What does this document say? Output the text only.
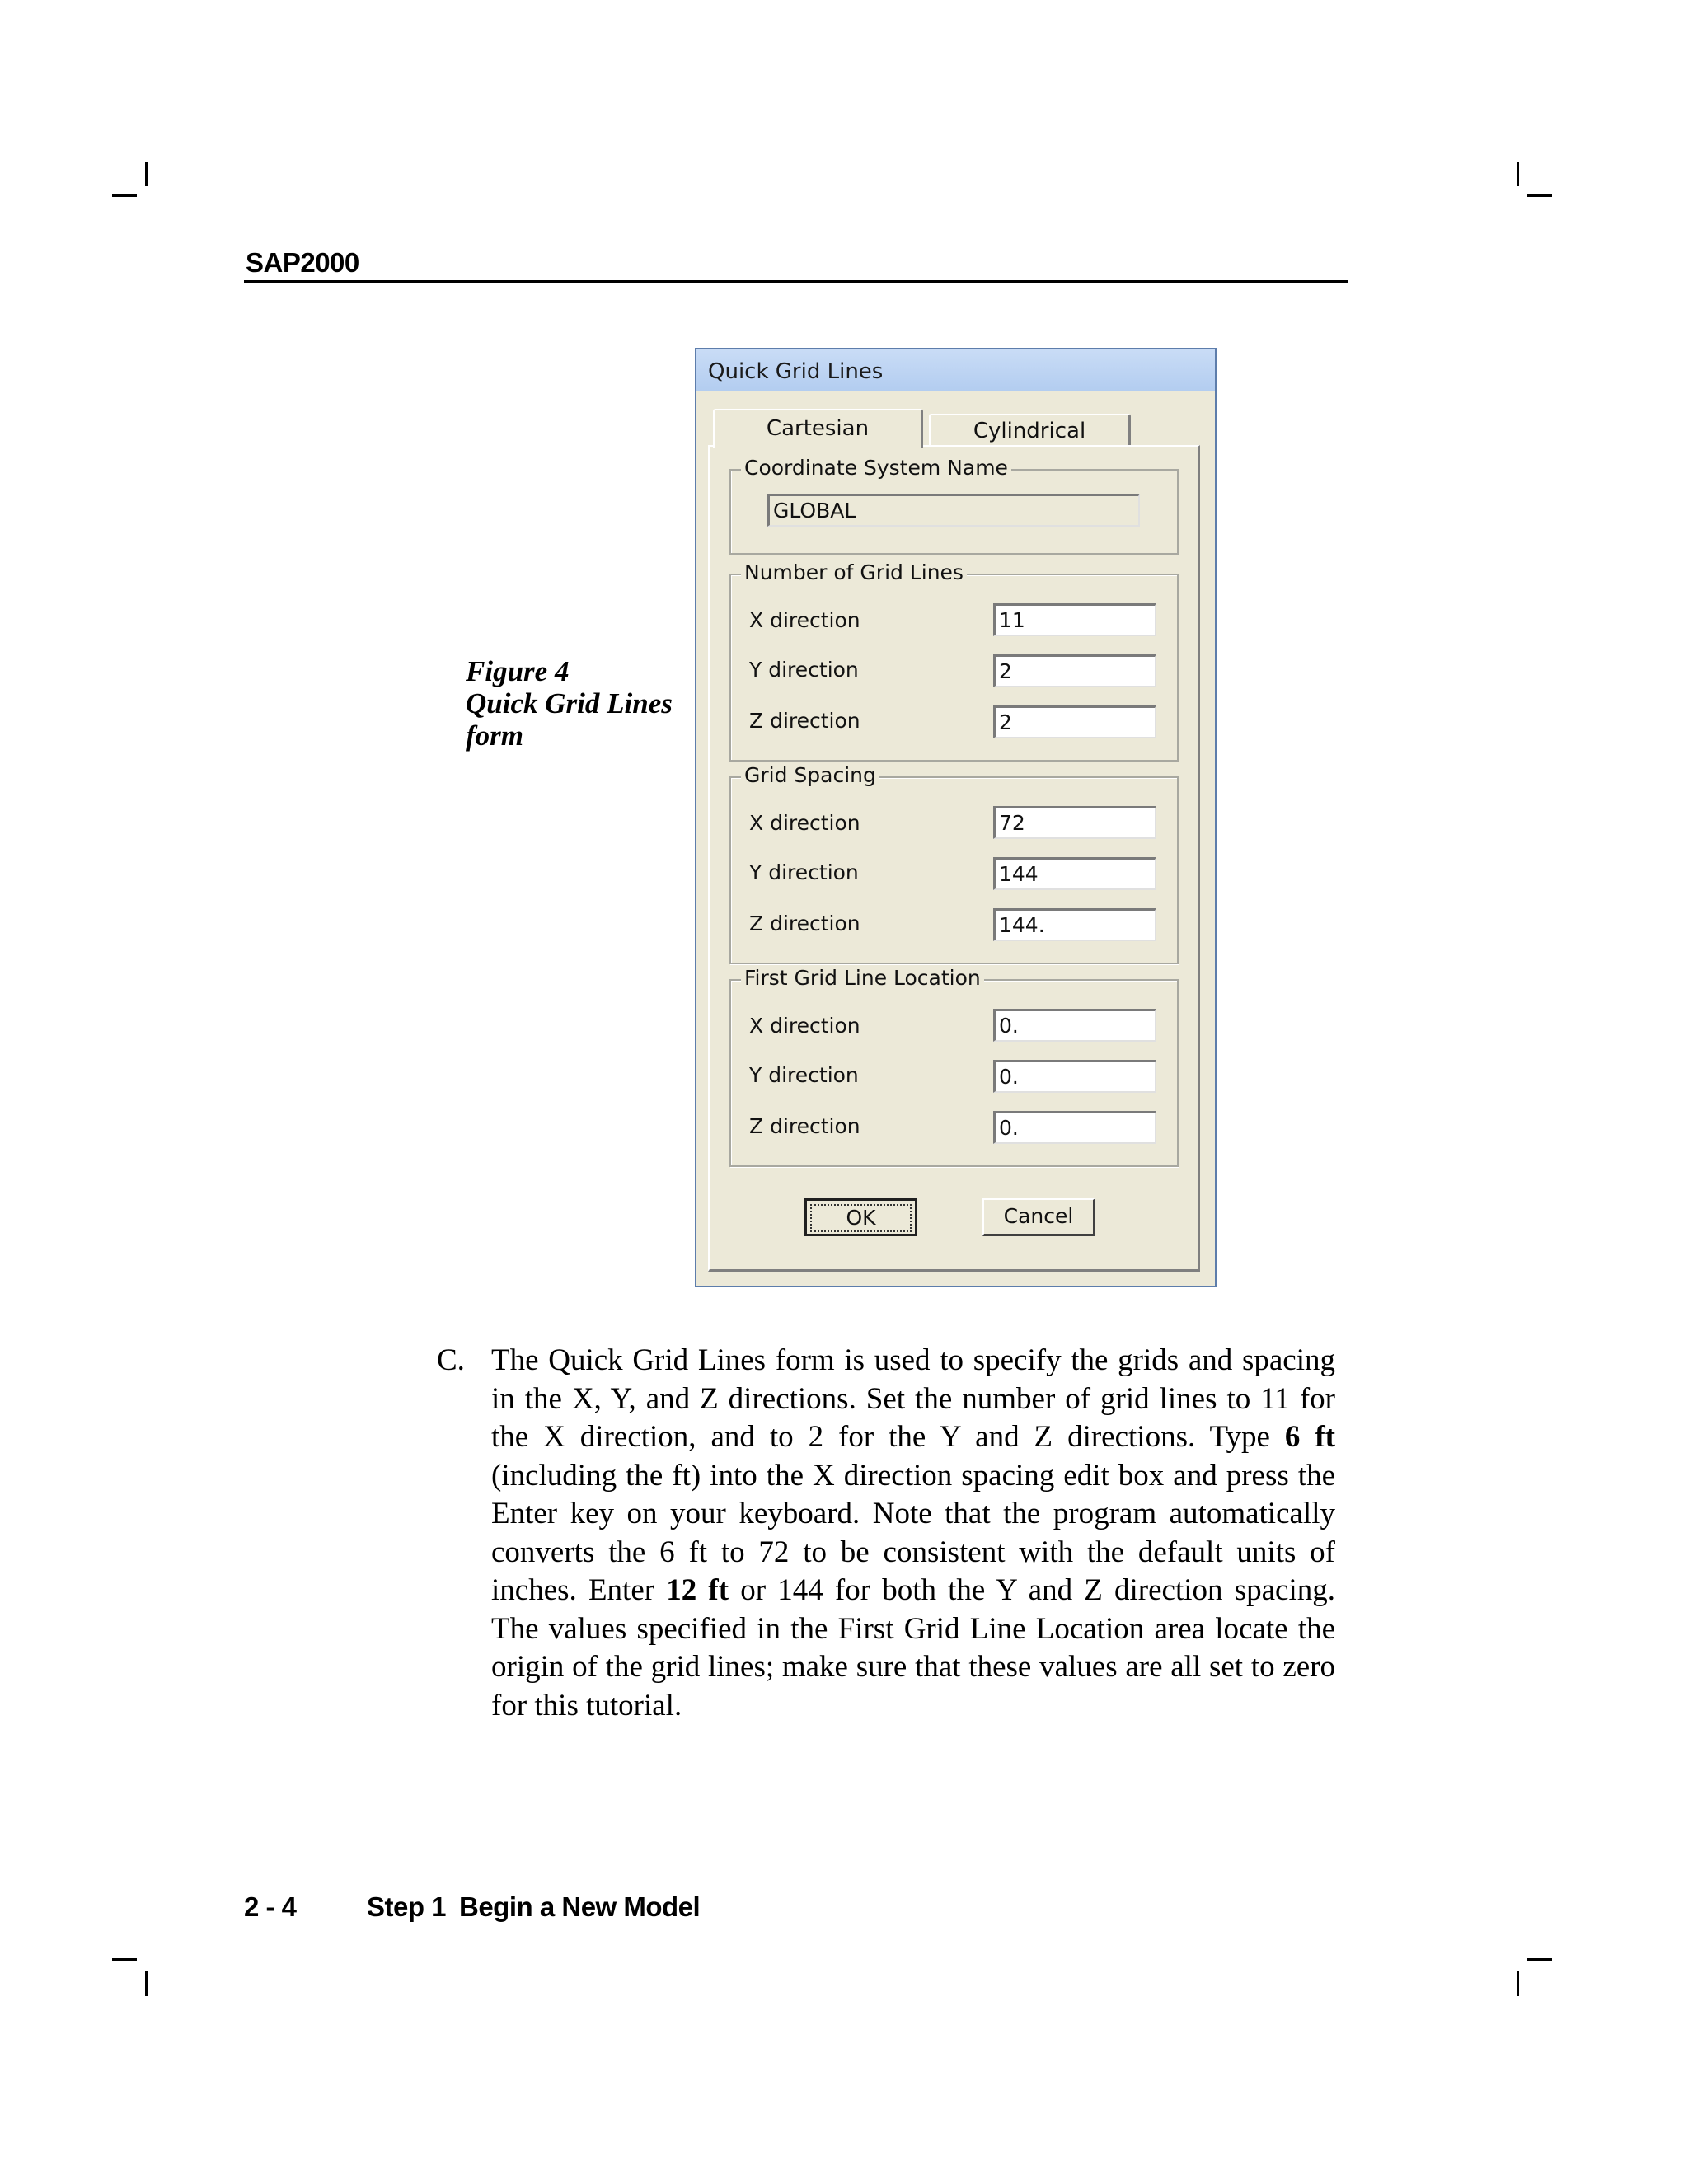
SAP2000
Figure 4
Quick Grid Lines
form
Quick Grid Lines
Cartesian	Cylindrical
Coordinate System Name
GLOBAL
Number of Grid Lines
X direction	11
Y direction	2
Z direction	2
Grid Spacing
X direction	72
Y direction	144
Z direction	144.
First Grid Line Location
X direction	0.
Y direction	0.
Z direction	0.
OK	Cancel
C. The Quick Grid Lines form is used to specify the grids and spacing in the X, Y, and Z directions. Set the number of grid lines to 11 for the X direction, and to 2 for the Y and Z directions. Type 6 ft (including the ft) into the X direction spacing edit box and press the Enter key on your keyboard. Note that the program automatically converts the 6 ft to 72 to be consistent with the default units of inches. Enter 12 ft or 144 for both the Y and Z direction spacing. The values specified in the First Grid Line Location area locate the origin of the grid lines; make sure that these values are all set to zero for this tutorial.
2 - 4	Step 1 Begin a New Model
